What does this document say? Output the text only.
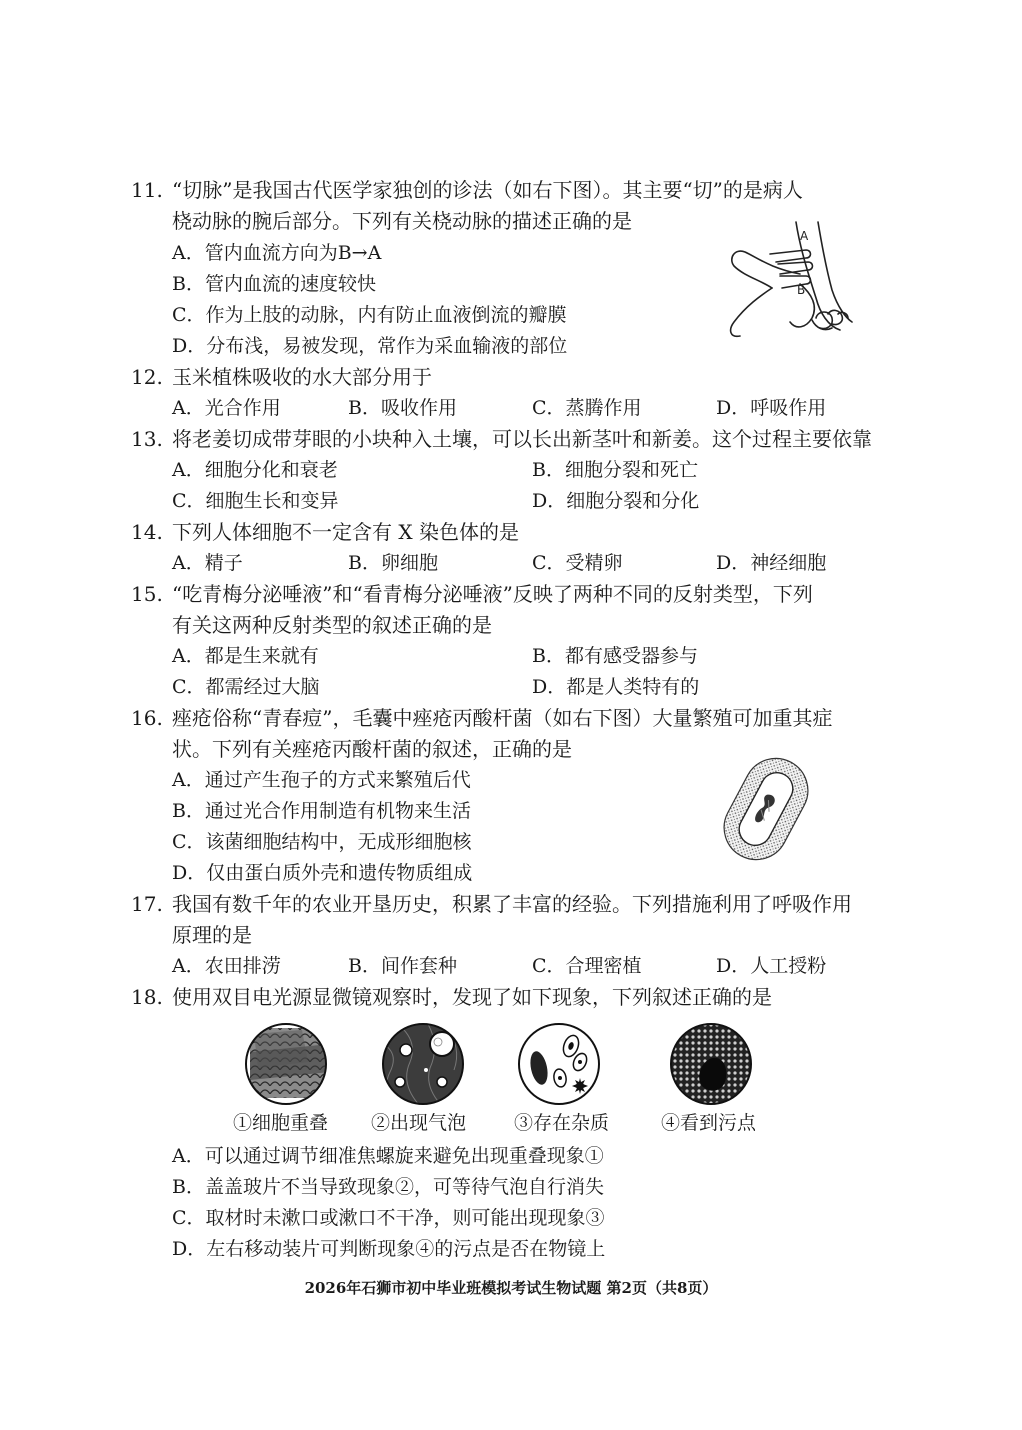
11. “切脉”是我国古代医学家独创的诊法（如右下图）。其主要“切”的是病人
桡动脉的腕后部分。下列有关桡动脉的描述正确的是
A．管内血流方向为B→A
B．管内血流的速度较快
C．作为上肢的动脉，内有防止血液倒流的瓣膜
D．分布浅，易被发现，常作为采血输液的部位
A
B
12. 玉米植株吸收的水大部分用于
A．光合作用	B．吸收作用	C．蒸腾作用	D．呼吸作用
13. 将老姜切成带芽眼的小块种入土壤，可以长出新茎叶和新姜。这个过程主要依靠
A．细胞分化和衰老	B．细胞分裂和死亡
C．细胞生长和变异	D．细胞分裂和分化
14. 下列人体细胞不一定含有 X 染色体的是
A．精子	B．卵细胞	C．受精卵	D．神经细胞
15. “吃青梅分泌唾液”和“看青梅分泌唾液”反映了两种不同的反射类型，下列
有关这两种反射类型的叙述正确的是
A．都是生来就有	B．都有感受器参与
C．都需经过大脑	D．都是人类特有的
16. 痤疮俗称“青春痘”，毛囊中痤疮丙酸杆菌（如右下图）大量繁殖可加重其症
状。下列有关痤疮丙酸杆菌的叙述，正确的是
A．通过产生孢子的方式来繁殖后代
B．通过光合作用制造有机物来生活
C．该菌细胞结构中，无成形细胞核
D．仅由蛋白质外壳和遗传物质组成
17. 我国有数千年的农业开垦历史，积累了丰富的经验。下列措施利用了呼吸作用
原理的是
A．农田排涝	B．间作套种	C．合理密植	D．人工授粉
18. 使用双目电光源显微镜观察时，发现了如下现象，下列叙述正确的是
①细胞重叠 ②出现气泡	③存在杂质	④看到污点
A．可以通过调节细准焦螺旋来避免出现重叠现象①
B．盖盖玻片不当导致现象②，可等待气泡自行消失
C．取材时未漱口或漱口不干净，则可能出现现象③
D．左右移动装片可判断现象④的污点是否在物镜上
2026年石狮市初中毕业班模拟考试生物试题 第2页（共8页）
